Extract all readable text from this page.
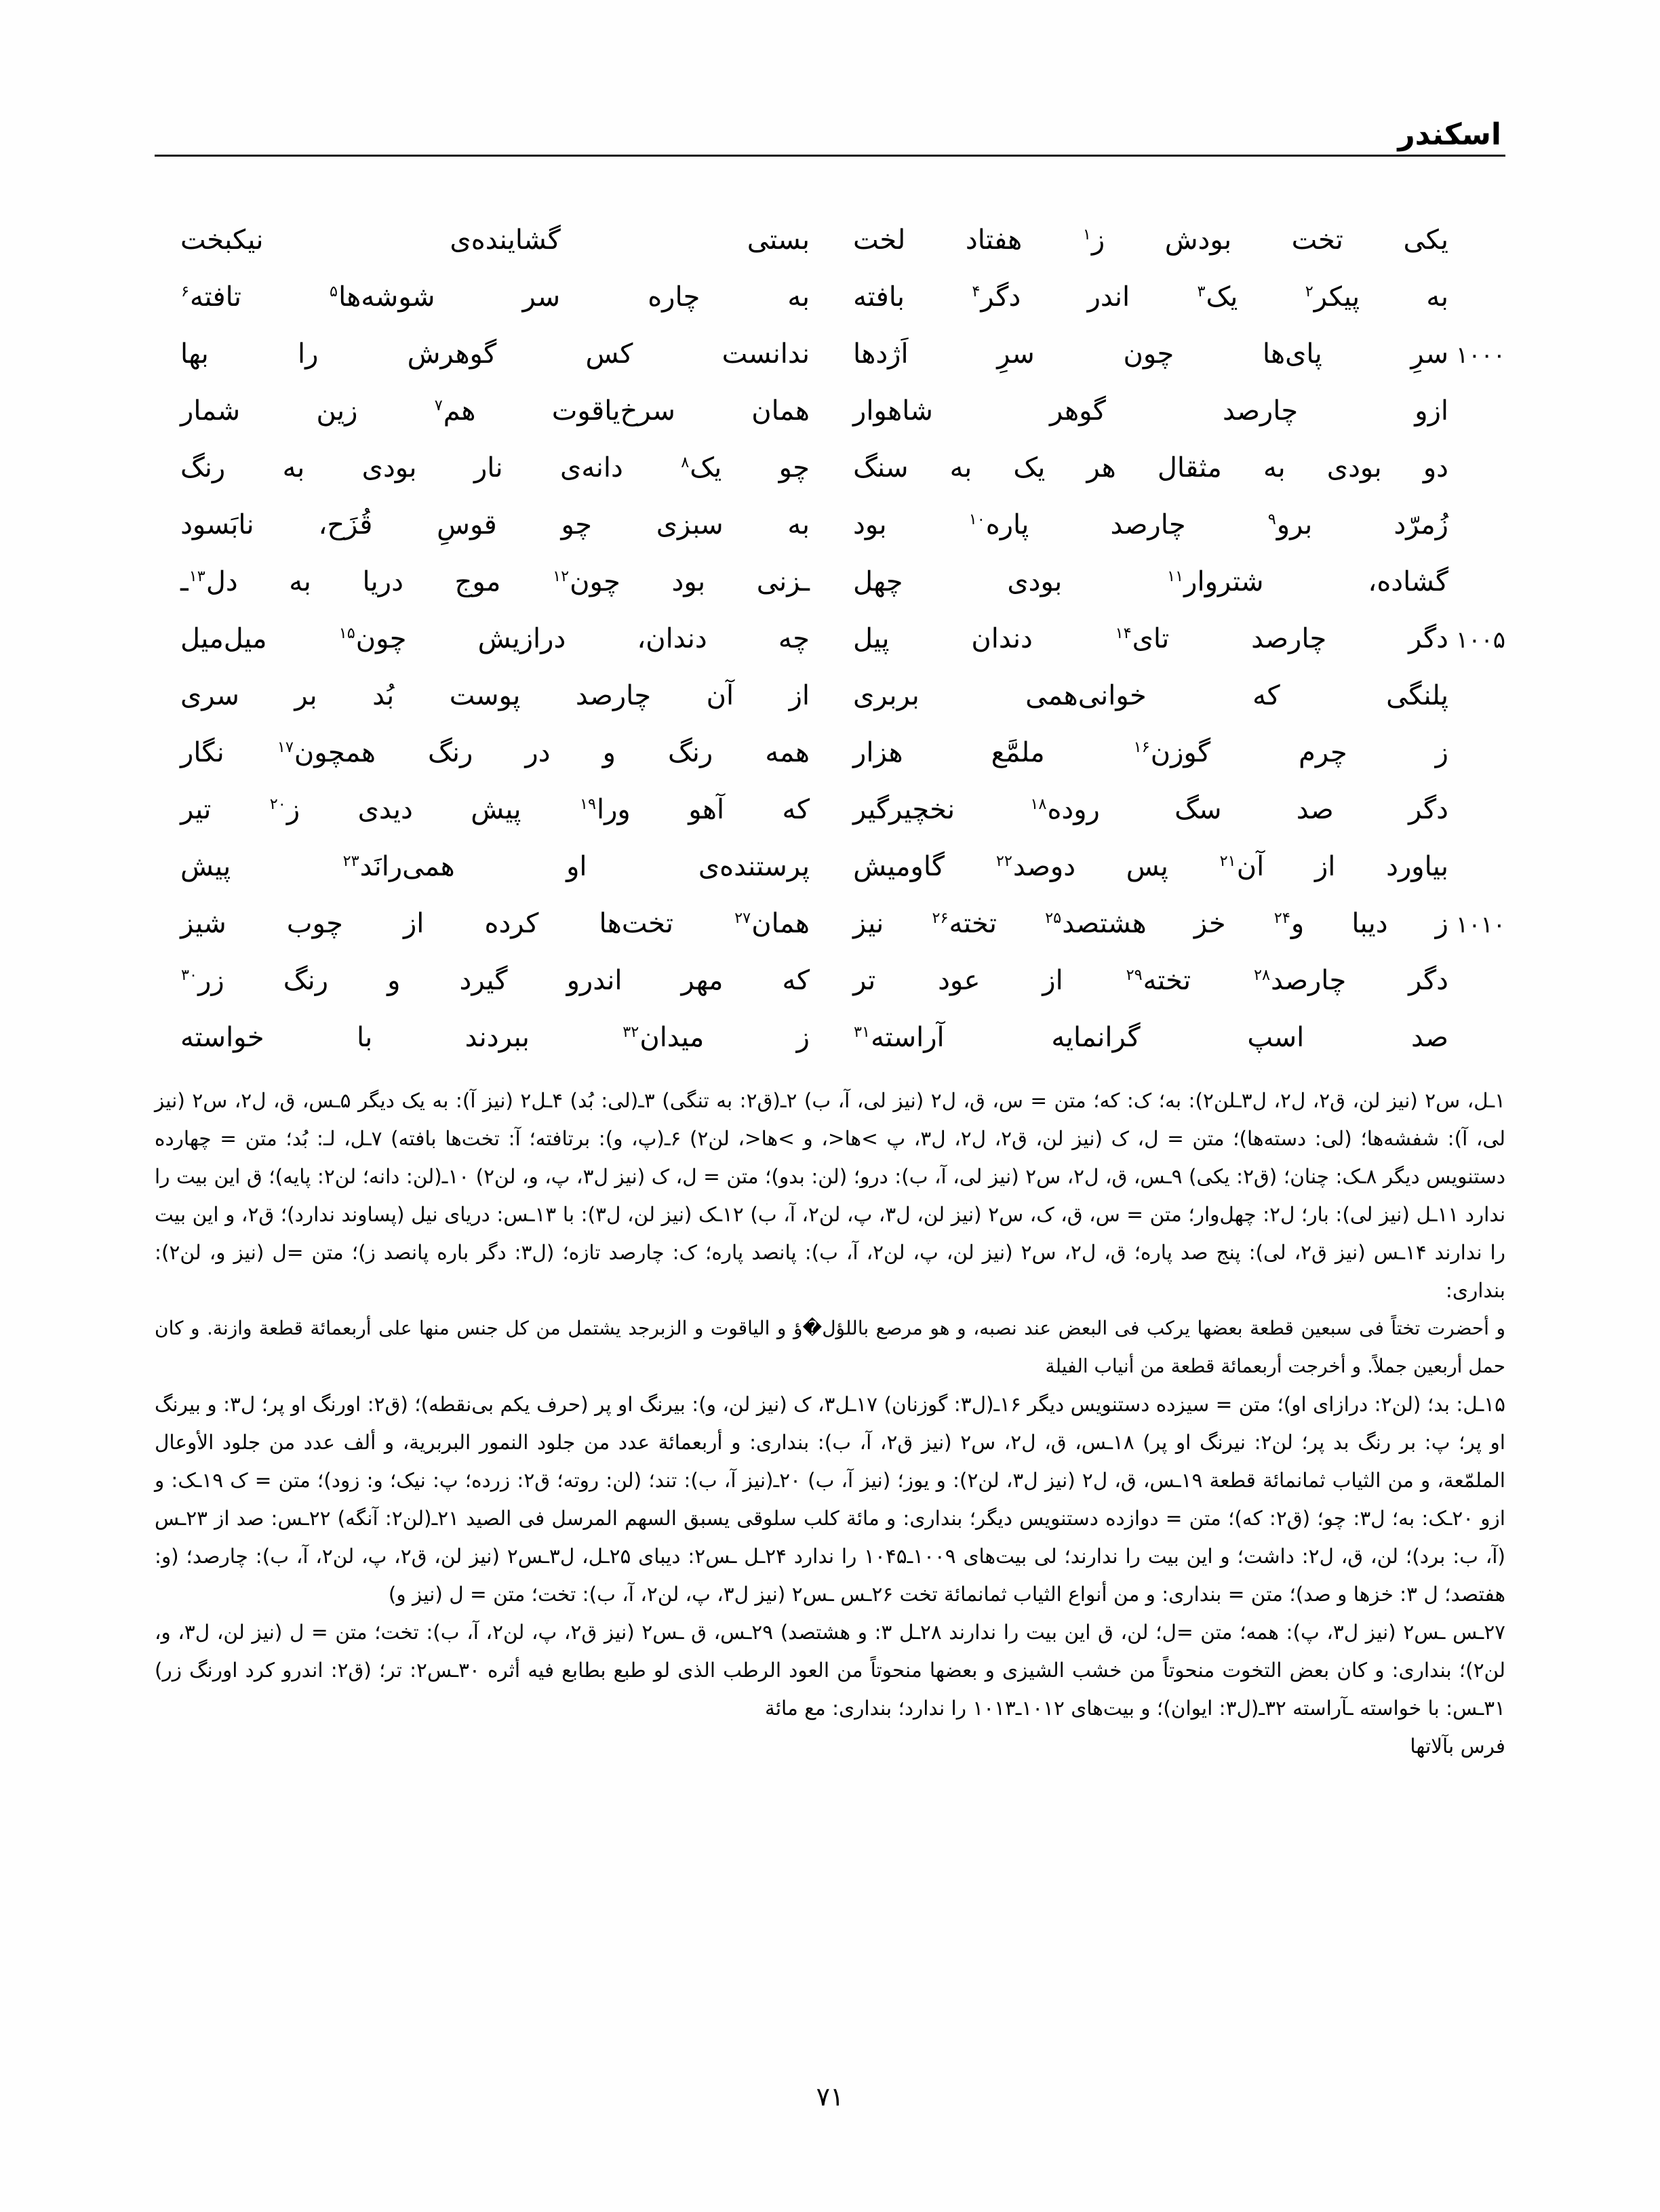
اسکندر
یکی
تخت
بودش
ز$^۱$
هفتاد
لخت
بستی
گشاینده‌ی
نیکبخت
به
پیکر$^۲$
یک$^۳$
اندر
دگر$^۴$
بافته
به
چاره
سر
شوشه‌ها$^۵$
تافته$^۶$
۱۰۰۰
سرِ
پای‌ها
چون
سرِ
اَژدها
ندانست
کس
گوهرش
را
بها
ازو
چارصد
گوهر
شاهوار
همان
سرخ‌یاقوت
هم$^۷$
زین
شمار
دو
بودی
به
مثقال
هر
یک
به
سنگ
چو
یک$^۸$
دانه‌ی
نار
بودی
به
رنگ
زُمرّد
برو$^۹$
چارصد
پاره$^{۱۰}$
بود
به
سبزی
چو
قوسِ
قُزَح،
نابَسود
گشاده،
شتروار$^{۱۱}$
بودی
چهل
ـزنی
بود
چون$^{۱۲}$
موج
دریا
به
دل$^{۱۳}$ـ
۱۰۰۵
دگر
چارصد
تای$^{۱۴}$
دندان
پیل
چه
دندان،
درازیش
چون$^{۱۵}$
میل‌میل
پلنگی
که
خوانی‌همی
بربری
از
آن
چارصد
پوست
بُد
بر
سری
ز
چرم
گوزن$^{۱۶}$
ملمَّع
هزار
همه
رنگ
و
در
رنگ
همچون$^{۱۷}$
نگار
دگر
صد
سگ
روده$^{۱۸}$
نخچیرگیر
که
آهو
ورا$^{۱۹}$
پیش
دیدی
ز$^{۲۰}$
تیر
بیاورد
از
آن$^{۲۱}$
پس
دوصد$^{۲۲}$
گاومیش
پرستنده‌ی
او
همی‌رانَد$^{۲۳}$
پیش
۱۰۱۰
ز
دیبا
و$^{۲۴}$
خز
هشتصد$^{۲۵}$
تخته$^{۲۶}$
نیز
همان$^{۲۷}$
تخت‌ها
کرده
از
چوب
شیز
دگر
چارصد$^{۲۸}$
تخته$^{۲۹}$
از
عود
تر
که
مهر
اندرو
گیرد
و
رنگ
زر$^{۳۰}$
صد
اسپ
گرانمایه
آراسته$^{۳۱}$
ز
میدان$^{۳۲}$
ببردند
با
خواسته
۱ـل، س۲ (نیز لن، ق۲، ل۲، ل۳ـلن۲): به؛ ک: که؛ متن = س، ق، ل۲ (نیز لی، آ، ب) ۲ـ(ق۲: به تنگی) ۳ـ(لی: بُد) ۴ـل۲ (نیز آ): به یک دیگر ۵ـس، ق، ل۲، س۲ (نیز لی، آ): شفشه‌ها؛ (لی: دسته‌ها)؛ متن = ل، ک (نیز لن، ق۲، ل۲، ل۳، پ >ها<، و >ها<، لن۲) ۶ـ(پ، و): برتافته؛ آ: تخت‌ها بافته) ۷ـل، لـ: بُد؛ متن = چهارده دستنویس دیگر ۸ـک: چنان؛ (ق۲: یکی) ۹ـس، ق، ل۲، س۲ (نیز لی، آ، ب): درو؛ (لن: بدو)؛ متن = ل، ک (نیز ل۳، پ، و، لن۲) ۱۰ـ(لن: دانه؛ لن۲: پایه)؛ ق این بیت را ندارد ۱۱ـل (نیز لی): بار؛ ل۲: چهل‌وار؛ متن = س، ق، ک، س۲ (نیز لن، ل۳، پ، لن۲، آ، ب) ۱۲ـک (نیز لن، ل۳): با ۱۳ـس: دریای نیل (پساوند ندارد)؛ ق۲، و این بیت را ندارند ۱۴ـس (نیز ق۲، لی): پنج صد پاره؛ ق، ل۲، س۲ (نیز لن، پ، لن۲، آ، ب): پانصد پاره؛ ک: چارصد تازه؛ (ل۳: دگر باره پانصد ز)؛ متن =ل (نیز و، لن۲): بنداری:
و أحضرت تختاً فی سبعین قطعة بعضها یرکب فی البعض عند نصبه، و هو مرصع باللؤل�ؤ و الیاقوت و الزبرجد یشتمل من کل جنس منها علی أربعمائة قطعة وازنة. و کان حمل أربعین جملاً. و أخرجت أربعمائة قطعة من أنیاب الفیلة
۱۵ـل: بد؛ (لن۲: درازای او)؛ متن = سیزده دستنویس دیگر ۱۶ـ(ل۳: گوزنان) ۱۷ـل۳، ک (نیز لن، و): بیرنگ او پر (حرف یکم بی‌نقطه)؛ (ق۲: اورنگ او پر؛ ل۳: و بیرنگ او پر؛ پ: بر رنگ بد پر؛ لن۲: نیرنگ او پر) ۱۸ـس، ق، ل۲، س۲ (نیز ق۲، آ، ب): بنداری: و أربعمائة عدد من جلود النمور البربریة، و ألف عدد من جلود الأوعال الملمّعة، و من الثیاب ثمانمائة قطعة ۱۹ـس، ق، ل۲ (نیز ل۳، لن۲): و یوز؛ (نیز آ، ب) ۲۰ـ(نیز آ، ب): تند؛ (لن: روته؛ ق۲: زرده؛ پ: نیک؛ و: زود)؛ متن = ک ۱۹ـک: و ازو ۲۰ـک: به؛ ل۳: چو؛ (ق۲: که)؛ متن = دوازده دستنویس دیگر؛ بنداری: و مائة کلب سلوقی یسبق السهم المرسل فی الصید ۲۱ـ(لن۲: آنگه) ۲۲ـس: صد از ۲۳ـس (آ، ب: برد)؛ لن، ق، ل۲: داشت؛ و این بیت را ندارند؛ لی بیت‌های ۱۰۰۹ـ۱۰۴۵ را ندارد ۲۴ـل ـس۲: دیبای ۲۵ـل، ل۳ـس۲ (نیز لن، ق۲، پ، لن۲، آ، ب): چارصد؛ (و: هفتصد؛ ل ۳: خزها و صد)؛ متن = بنداری: و من أنواع الثیاب ثمانمائة تخت ۲۶ـس ـس۲ (نیز ل۳، پ، لن۲، آ، ب): تخت؛ متن = ل (نیز و)
۲۷ـس ـس۲ (نیز ل۳، پ): همه؛ متن =ل؛ لن، ق این بیت را ندارند ۲۸ـل ۳: و هشتصد) ۲۹ـس، ق ـس۲ (نیز ق۲، پ، لن۲، آ، ب): تخت؛ متن = ل (نیز لن، ل۳، و، لن۲)؛ بنداری: و کان بعض التخوت منحوتاً من خشب الشیزی و بعضها منحوتاً من العود الرطب الذی لو طبع بطابع فیه أثره ۳۰ـس۲: تر؛ (ق۲: اندرو کرد اورنگ زر) ۳۱ـس: با خواسته ـآراسته ۳۲ـ(ل۳: ایوان)؛ و بیت‌های ۱۰۱۲ـ۱۰۱۳ را ندارد؛ بنداری: مع مائة
فرس بآلاتها
۷۱
